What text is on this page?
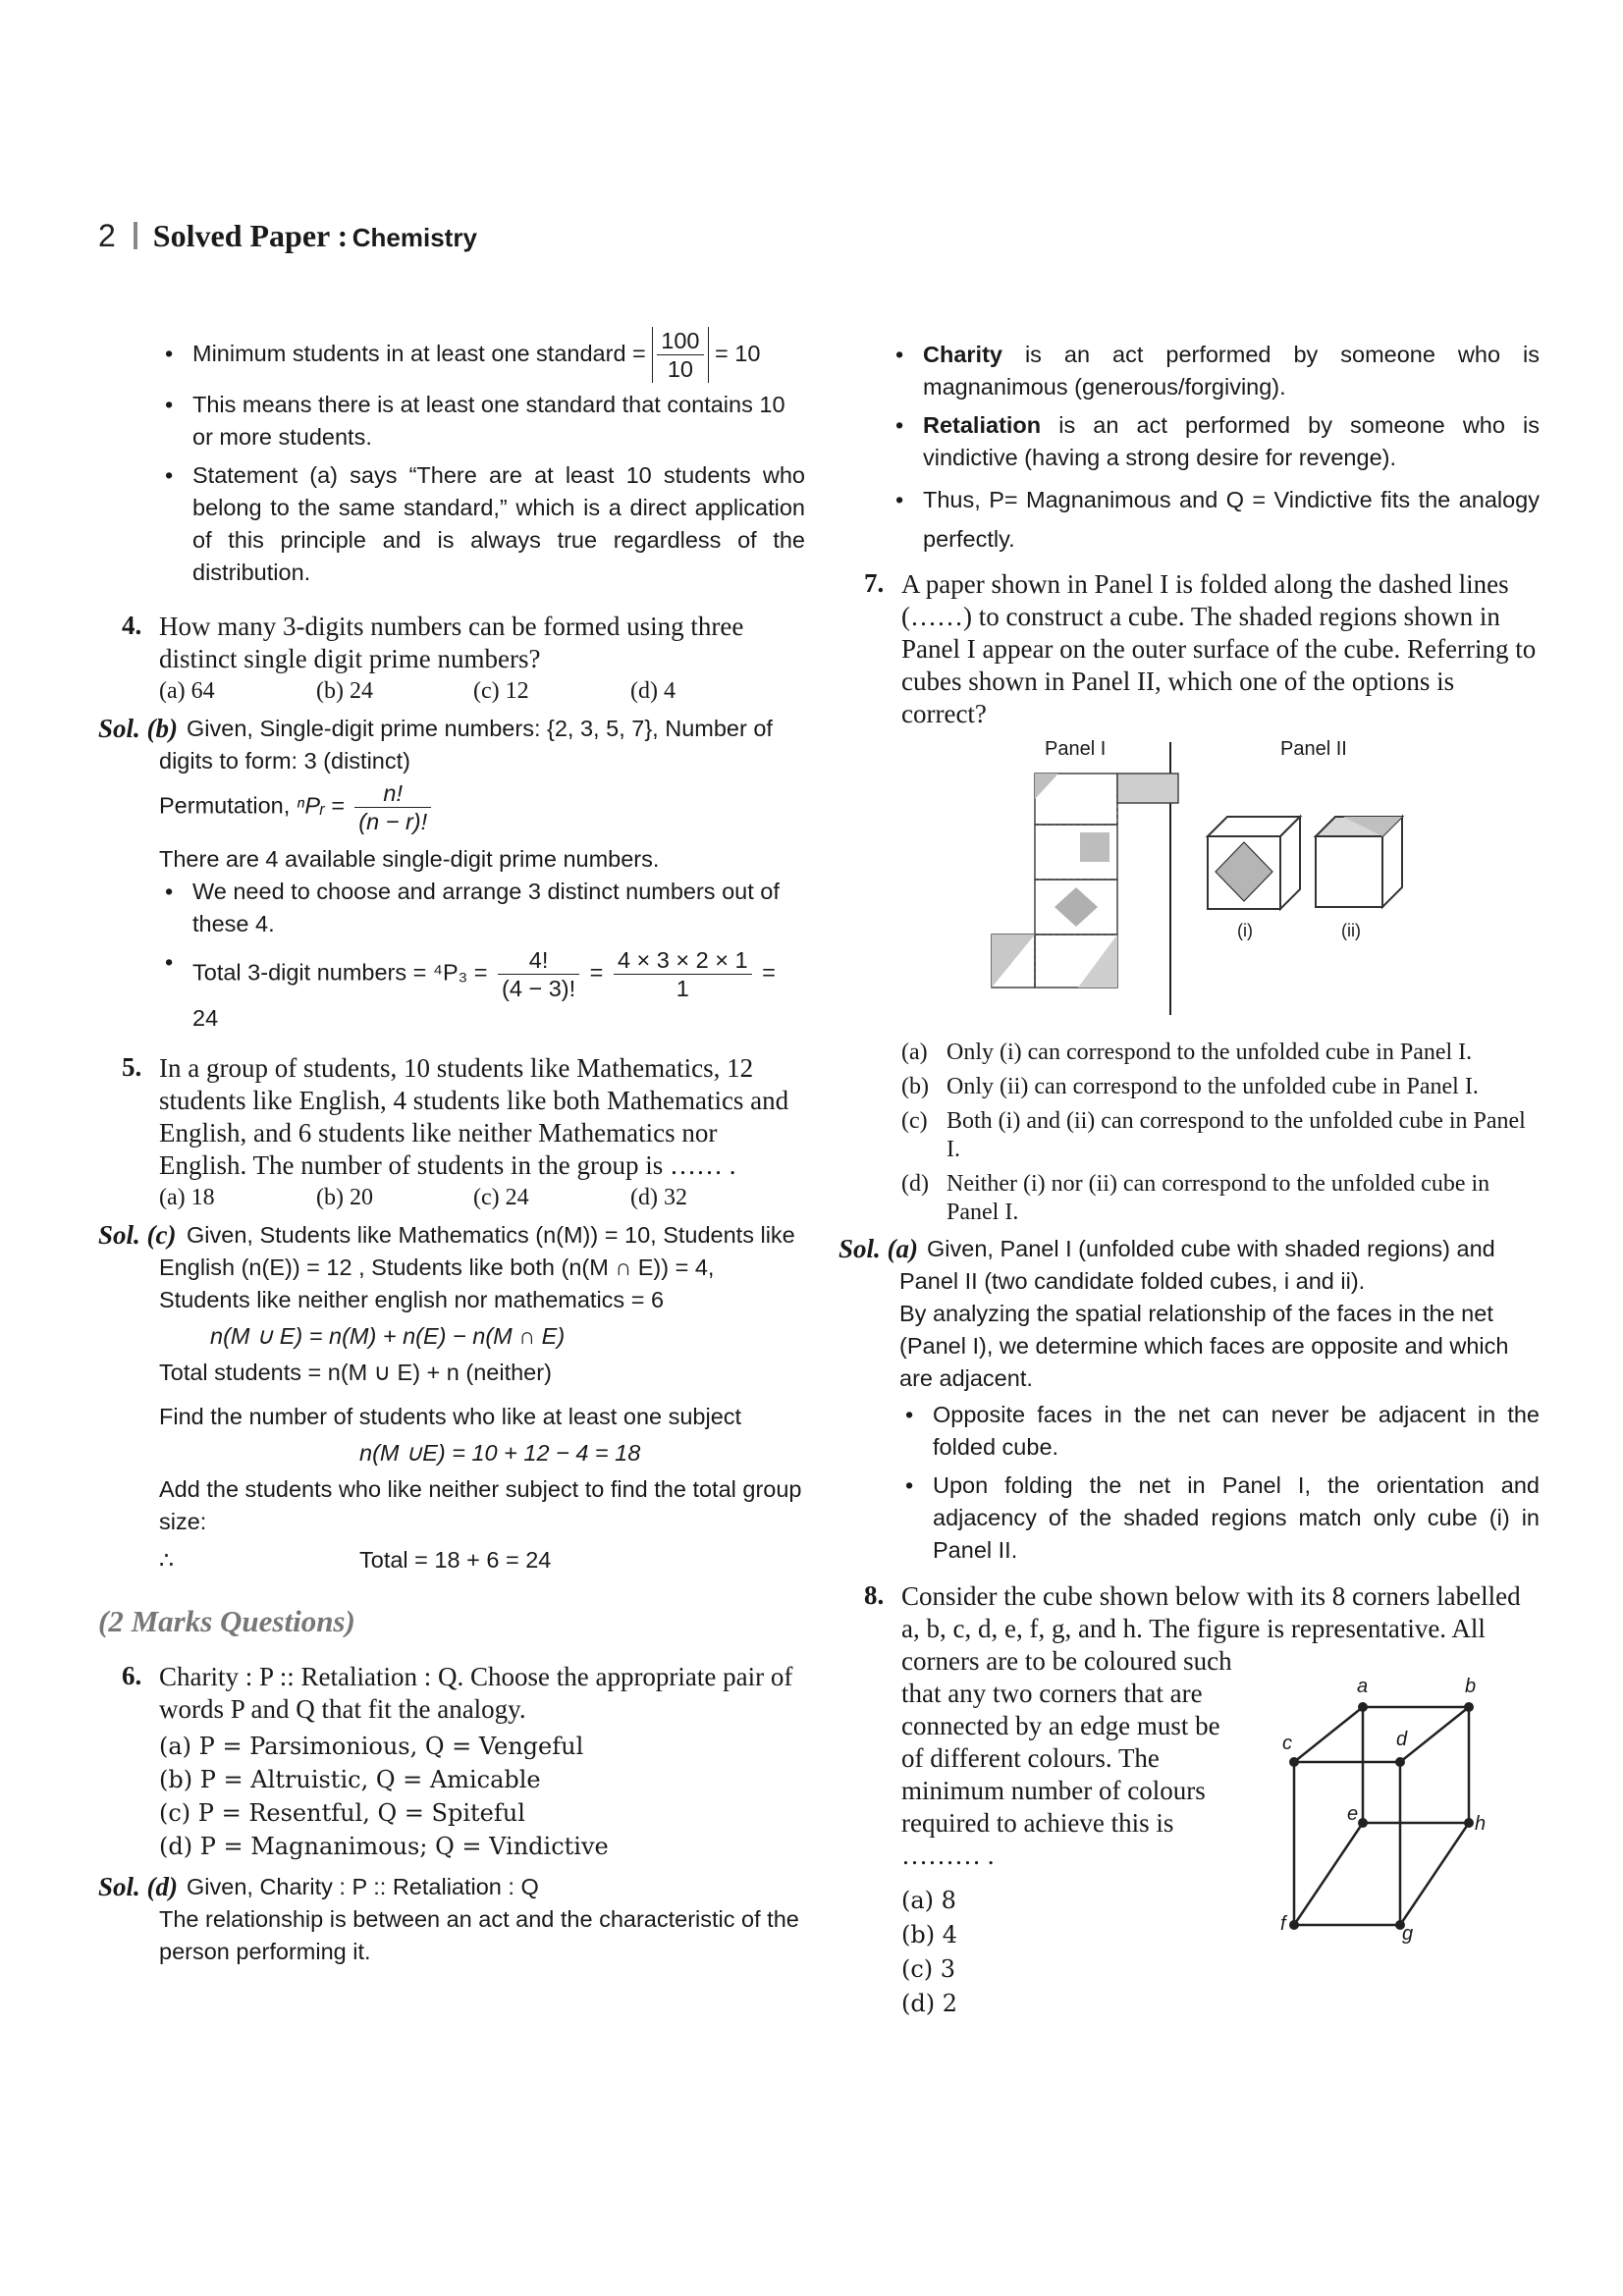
2 Solved Paper : Chemistry
• Minimum students in at least one standard = $\frac{100}{10} = 10$
• This means there is at least one standard that contains 10 or more students.
• Statement (a) says “There are at least 10 students who belong to the same standard,” which is a direct application of this principle and is always true regardless of the distribution.
4. How many 3-digits numbers can be formed using three distinct single digit prime numbers?
(a) 64	(b) 24	(c) 12	(d) 4
Sol. (b) Given, Single-digit prime numbers: {2, 3, 5, 7}, Number of digits to form: 3 (distinct)
Permutation, ⁿPᵣ = $\frac{n!}{(n - r)!}$
There are 4 available single-digit prime numbers.
• We need to choose and arrange 3 distinct numbers out of these 4.
• Total 3-digit numbers = $^4P_3 = \frac{4!}{(4 - 3)!} = \frac{4 \times 3 \times 2 \times 1}{1} = 24$
5. In a group of students, 10 students like Mathematics, 12 students like English, 4 students like both Mathematics and English, and 6 students like neither Mathematics nor English. The number of students in the group is …… .
(a) 18	(b) 20	(c) 24	(d) 32
Sol. (c) Given, Students like Mathematics (n(M)) = 10, Students like English (n(E)) = 12 , Students like both (n(M ∩ E)) = 4, Students like neither english nor mathematics = 6
n(M ∪ E) = n(M) + n(E) − n(M ∩ E)
Total students = n(M ∪ E) + n (neither)
Find the number of students who like at least one subject
n(M ∪E) = 10 + 12 − 4 = 18
Add the students who like neither subject to find the total group size:
∴	Total = 18 + 6 = 24
(2 Marks Questions)
6. Charity : P :: Retaliation : Q. Choose the appropriate pair of words P and Q that fit the analogy.
(a) P = Parsimonious, Q = Vengeful
(b) P = Altruistic, Q = Amicable
(c) P = Resentful, Q = Spiteful
(d) P = Magnanimous; Q = Vindictive
Sol. (d) Given, Charity : P :: Retaliation : Q
The relationship is between an act and the characteristic of the person performing it.
• Charity is an act performed by someone who is magnanimous (generous/forgiving).
• Retaliation is an act performed by someone who is vindictive (having a strong desire for revenge).
• Thus, P= Magnanimous and Q = Vindictive fits the analogy perfectly.
7. A paper shown in Panel I is folded along the dashed lines (……) to construct a cube. The shaded regions shown in Panel I appear on the outer surface of the cube. Referring to cubes shown in Panel II, which one of the options is correct?
Panel I	Panel II
(i)	(ii)
(a) Only (i) can correspond to the unfolded cube in Panel I.
(b) Only (ii) can correspond to the unfolded cube in Panel I.
(c) Both (i) and (ii) can correspond to the unfolded cube in Panel I.
(d) Neither (i) nor (ii) can correspond to the unfolded cube in Panel I.
Sol. (a) Given, Panel I (unfolded cube with shaded regions) and Panel II (two candidate folded cubes, i and ii).
By analyzing the spatial relationship of the faces in the net (Panel I), we determine which faces are opposite and which are adjacent.
• Opposite faces in the net can never be adjacent in the folded cube.
• Upon folding the net in Panel I, the orientation and adjacency of the shaded regions match only cube (i) in Panel II.
8. Consider the cube shown below with its 8 corners labelled a, b, c, d, e, f, g, and h. The figure is representative. All corners are to be coloured such
that any two corners that are connected by an edge must be of different colours. The minimum number of colours required to achieve this is ……… .
(a) 8
(b) 4
(c) 3
(d) 2
a	b
c	d
e	h
f	g
